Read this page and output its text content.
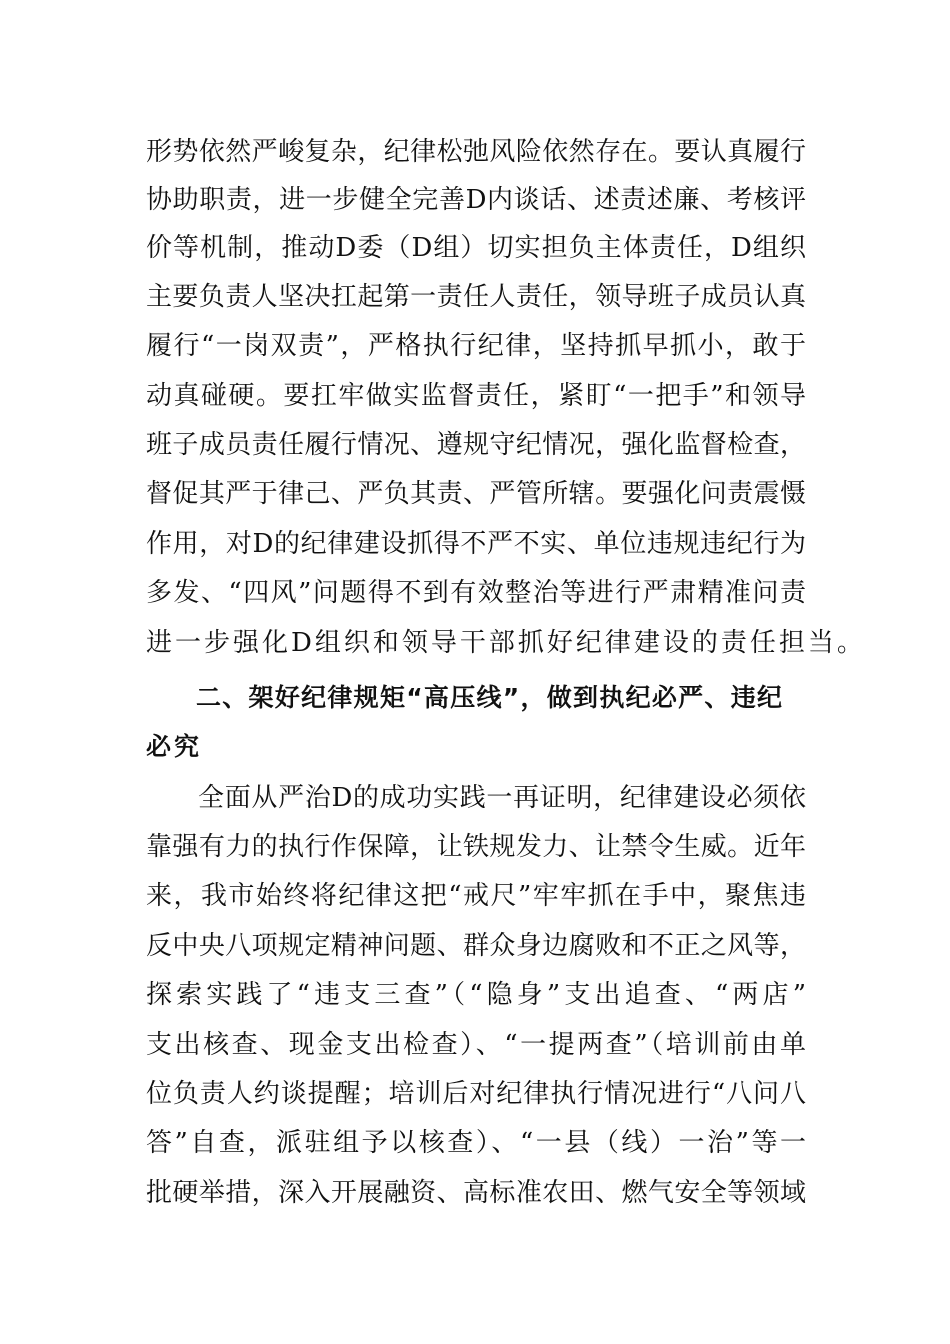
形势依然严峻复杂，纪律松弛风险依然存在。要认真履行
协助职责，进一步健全完善D内谈话、述责述廉、考核评
价等机制，推动D委（D组）切实担负主体责任，D组织
主要负责人坚决扛起第一责任人责任，领导班子成员认真
履行“一岗双责”，严格执行纪律，坚持抓早抓小，敢于
动真碰硬。要扛牢做实监督责任，紧盯“一把手”和领导
班子成员责任履行情况、遵规守纪情况，强化监督检查，
督促其严于律己、严负其责、严管所辖。要强化问责震慑
作用，对D的纪律建设抓得不严不实、单位违规违纪行为
多发、“四风”问题得不到有效整治等进行严肃精准问责
进一步强化D组织和领导干部抓好纪律建设的责任担当。
二、架好纪律规矩“高压线”，做到执纪必严、违纪
必究
全面从严治D的成功实践一再证明，纪律建设必须依
靠强有力的执行作保障，让铁规发力、让禁令生威。近年
来，我市始终将纪律这把“戒尺”牢牢抓在手中，聚焦违
反中央八项规定精神问题、群众身边腐败和不正之风等，
探索实践了“违支三查”（“隐身”支出追查、“两店”
支出核查、现金支出检查）、“一提两查”（培训前由单
位负责人约谈提醒；培训后对纪律执行情况进行“八问八
答”自查，派驻组予以核查）、“一县（线）一治”等一
批硬举措，深入开展融资、高标准农田、燃气安全等领域
